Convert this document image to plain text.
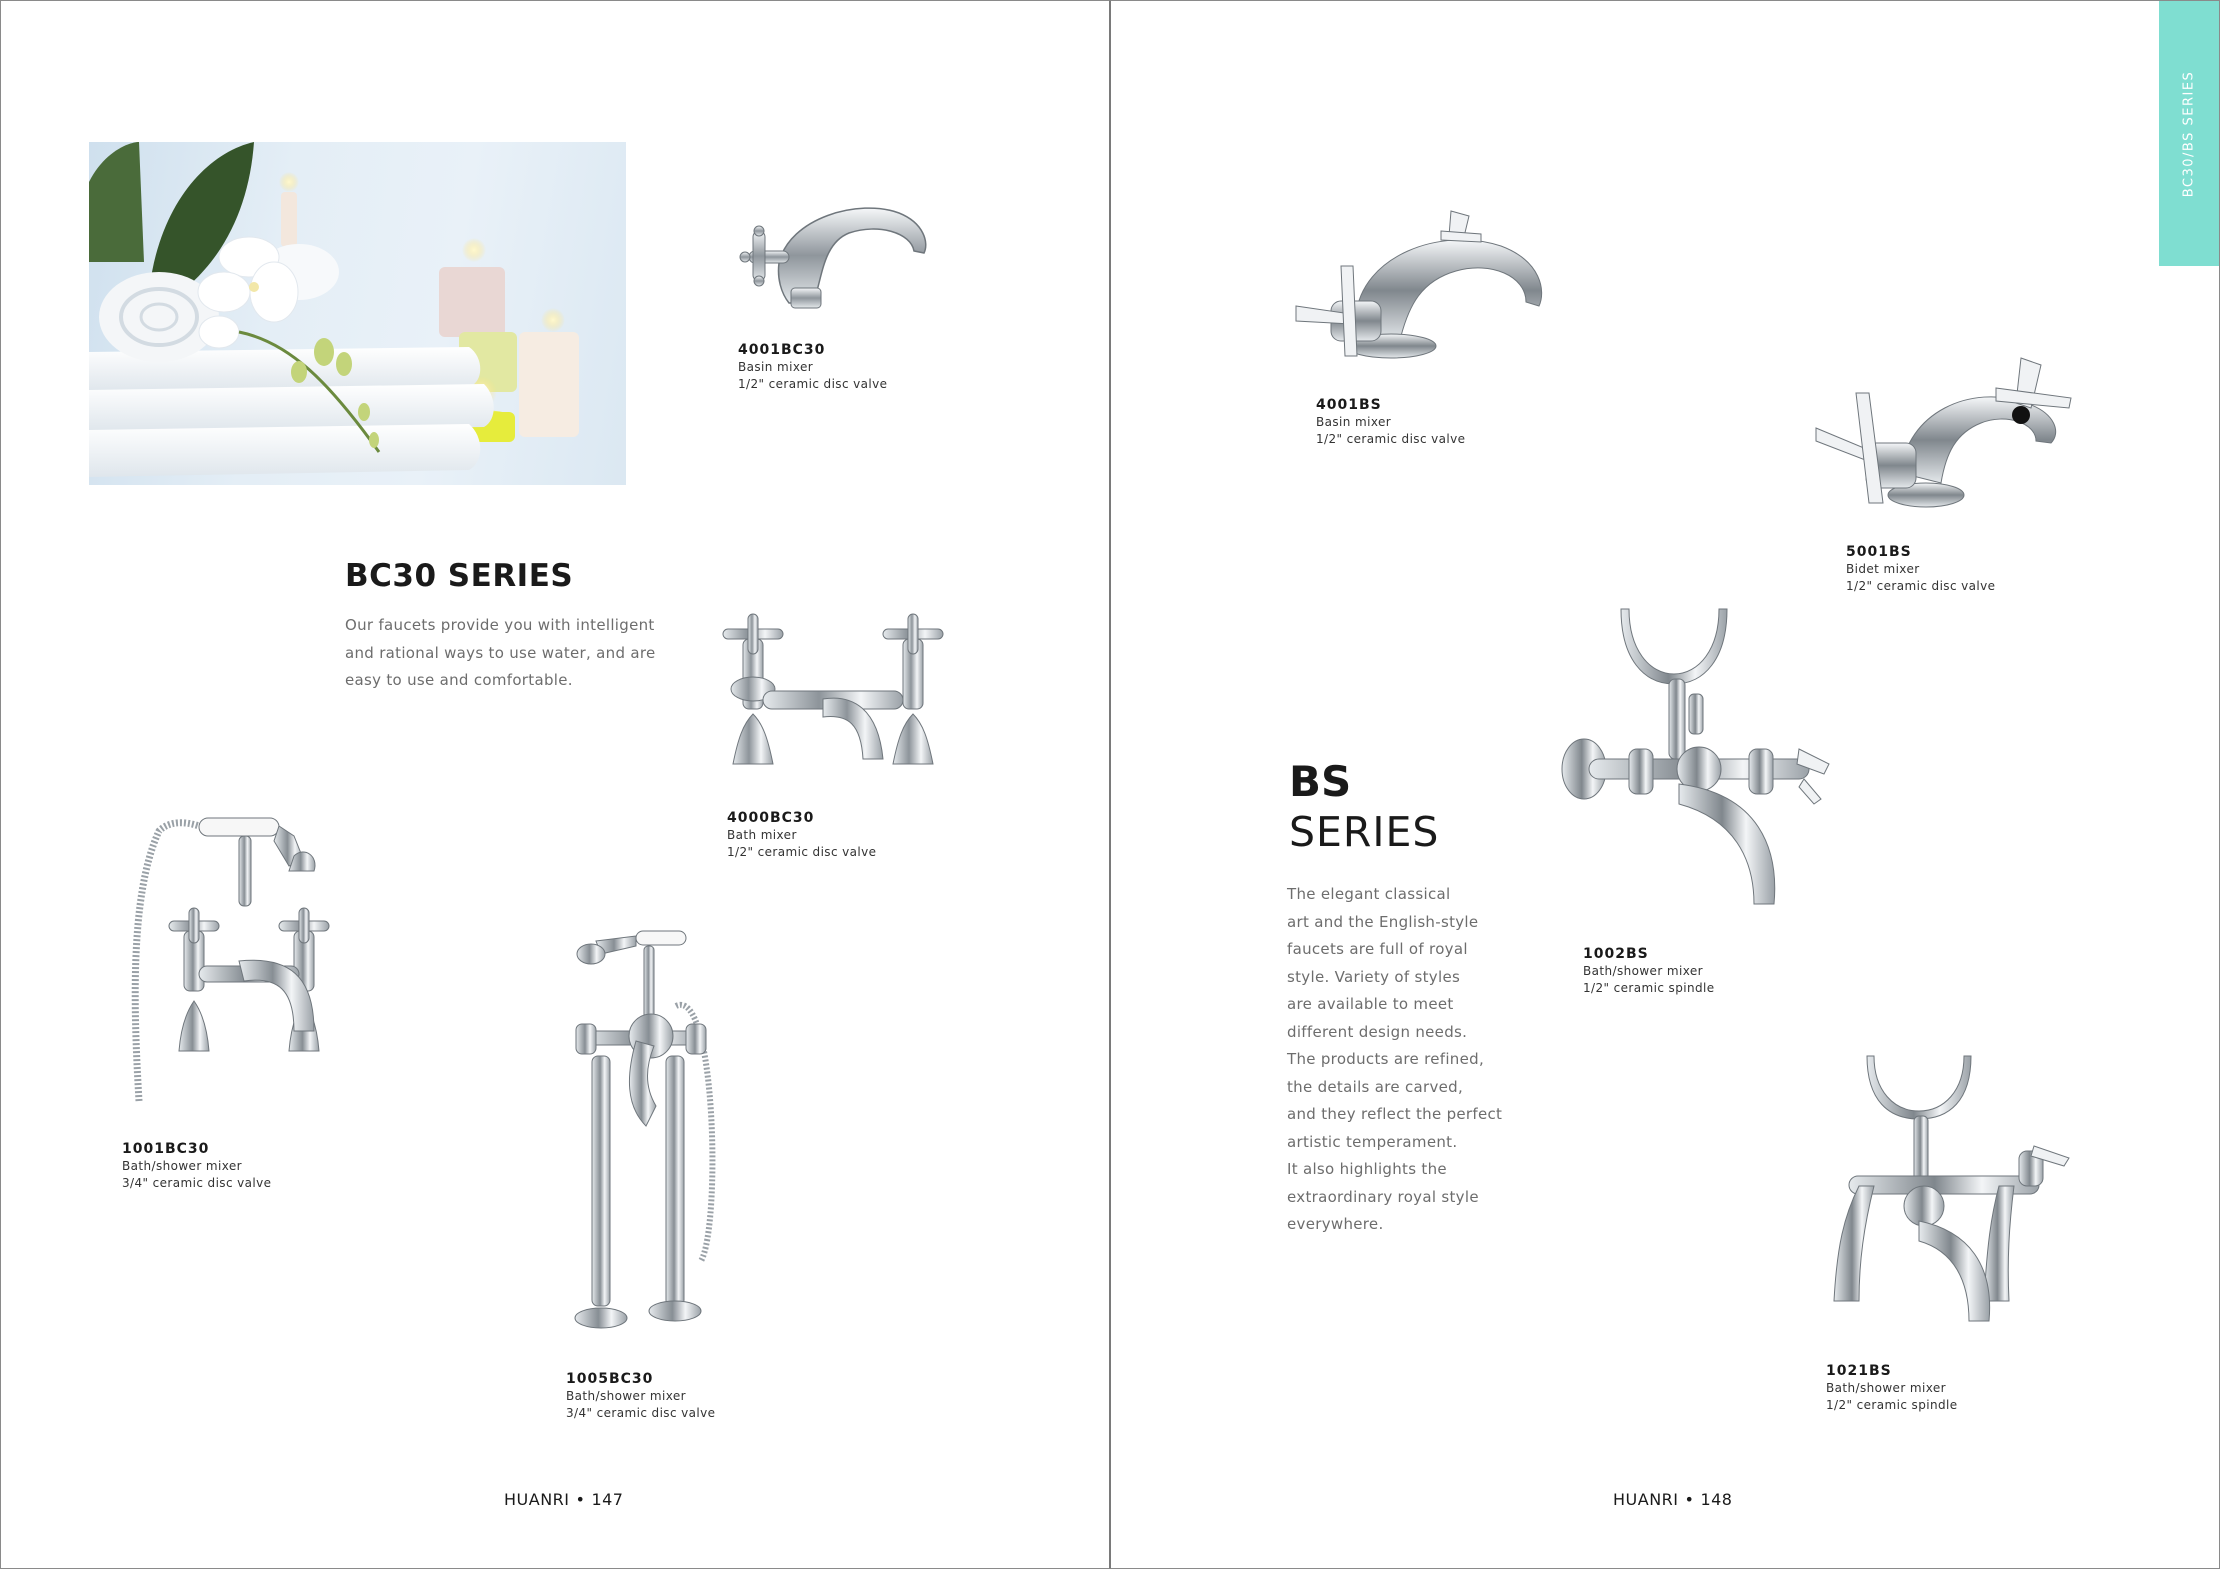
4001BC30
Basin mixer
1/2" ceramic disc valve
BC30 SERIES
Our faucets provide you with intelligent
and rational ways to use water, and are
easy to use and comfortable.
4000BC30
Bath mixer
1/2" ceramic disc valve
1001BC30
Bath/shower mixer
3/4" ceramic disc valve
1005BC30
Bath/shower mixer
3/4" ceramic disc valve
HUANRI • 147
BC30/BS SERIES
4001BS
Basin mixer
1/2" ceramic disc valve
5001BS
Bidet mixer
1/2" ceramic disc valve
BS
SERIES
The elegant classical
art and the English-style
faucets are full of royal
style. Variety of styles
are available to meet
different design needs.
The products are refined,
the details are carved,
and they reflect the perfect
artistic temperament.
It also highlights the
extraordinary royal style
everywhere.
1002BS
Bath/shower mixer
1/2" ceramic spindle
1021BS
Bath/shower mixer
1/2" ceramic spindle
HUANRI • 148
